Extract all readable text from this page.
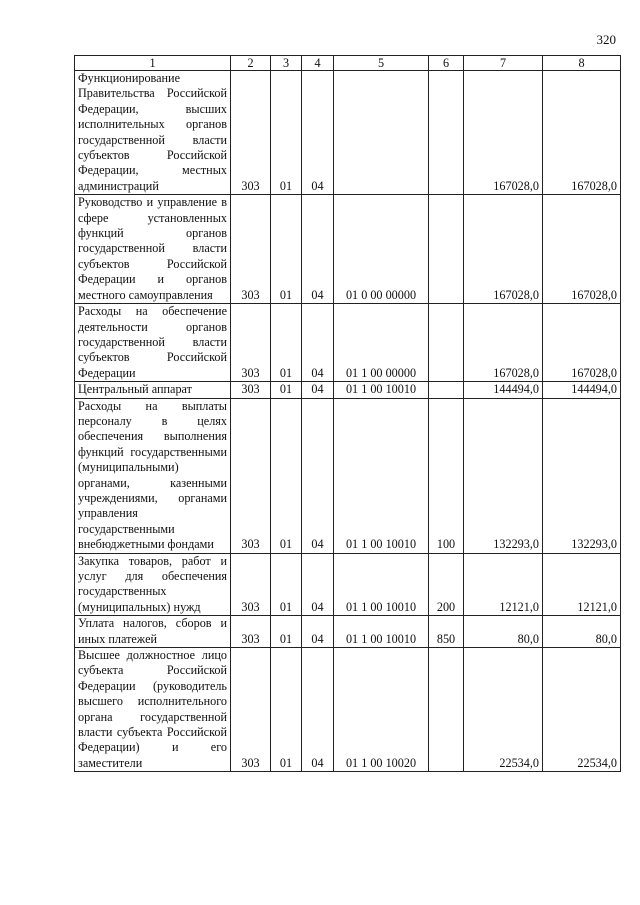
320
1	2	3	4	5	6	7	8
Функционирование Правительства Российской Федерации, высших исполнительных органов государственной власти субъектов Российской Федерации, местных администраций	303	01	04			167028,0	167028,0
Руководство и управление в сфере установленных функций органов государственной власти субъектов Российской Федерации и органов местного самоуправления	303	01	04	01 0 00 00000		167028,0	167028,0
Расходы на обеспечение деятельности органов государственной власти субъектов Российской Федерации	303	01	04	01 1 00 00000		167028,0	167028,0
Центральный аппарат	303	01	04	01 1 00 10010		144494,0	144494,0
Расходы на выплаты персоналу в целях обеспечения выполнения функций государственными (муниципальными) органами, казенными учреждениями, органами управления государственными внебюджетными фондами	303	01	04	01 1 00 10010	100	132293,0	132293,0
Закупка товаров, работ и услуг для обеспечения государственных (муниципальных) нужд	303	01	04	01 1 00 10010	200	12121,0	12121,0
Уплата налогов, сборов и иных платежей	303	01	04	01 1 00 10010	850	80,0	80,0
Высшее должностное лицо субъекта Российской Федерации (руководитель высшего исполнительного органа государственной власти субъекта Российской Федерации) и его заместители	303	01	04	01 1 00 10020		22534,0	22534,0
